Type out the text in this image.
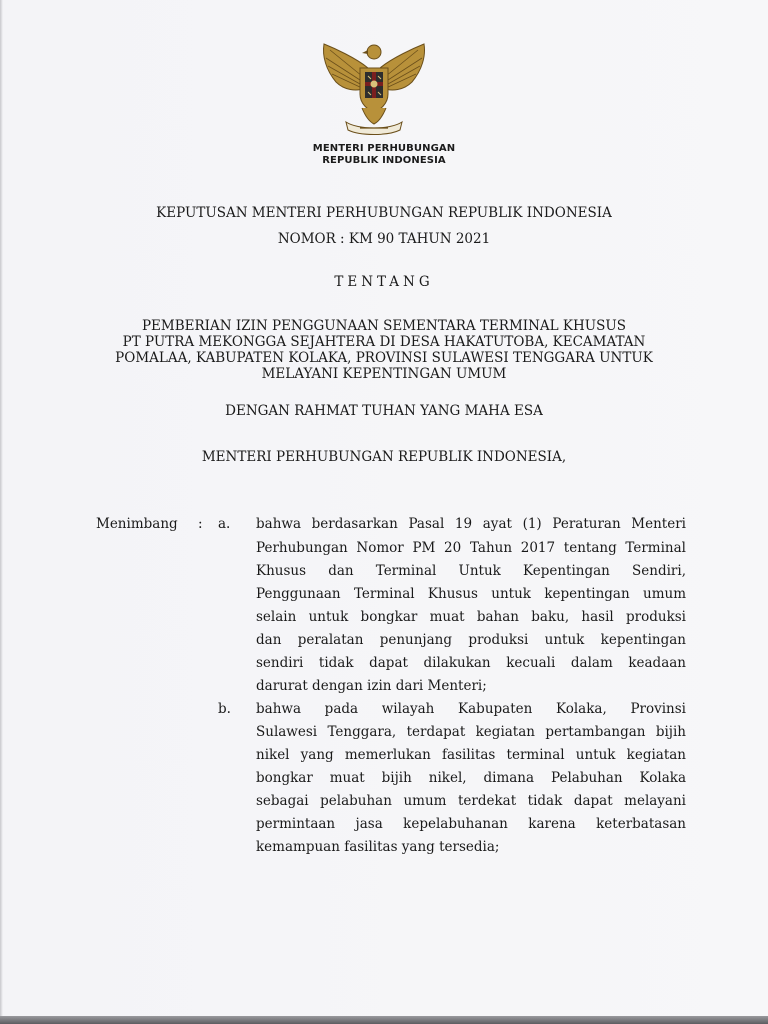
MENTERI PERHUBUNGAN
REPUBLIK INDONESIA
KEPUTUSAN MENTERI PERHUBUNGAN REPUBLIK INDONESIA
NOMOR : KM 90 TAHUN 2021
TENTANG
PEMBERIAN IZIN PENGGUNAAN SEMENTARA TERMINAL KHUSUS
PT PUTRA MEKONGGA SEJAHTERA DI DESA HAKATUTOBA, KECAMATAN
POMALAA, KABUPATEN KOLAKA, PROVINSI SULAWESI TENGGARA UNTUK
MELAYANI KEPENTINGAN UMUM
DENGAN RAHMAT TUHAN YANG MAHA ESA
MENTERI PERHUBUNGAN REPUBLIK INDONESIA,
Menimbang : a. bahwa berdasarkan Pasal 19 ayat (1) Peraturan Menteri
Perhubungan Nomor PM 20 Tahun 2017 tentang Terminal
Khusus dan Terminal Untuk Kepentingan Sendiri,
Penggunaan Terminal Khusus untuk kepentingan umum
selain untuk bongkar muat bahan baku, hasil produksi
dan peralatan penunjang produksi untuk kepentingan
sendiri tidak dapat dilakukan kecuali dalam keadaan
darurat dengan izin dari Menteri;
b. bahwa pada wilayah Kabupaten Kolaka, Provinsi
Sulawesi Tenggara, terdapat kegiatan pertambangan bijih
nikel yang memerlukan fasilitas terminal untuk kegiatan
bongkar muat bijih nikel, dimana Pelabuhan Kolaka
sebagai pelabuhan umum terdekat tidak dapat melayani
permintaan jasa kepelabuhanan karena keterbatasan
kemampuan fasilitas yang tersedia;
